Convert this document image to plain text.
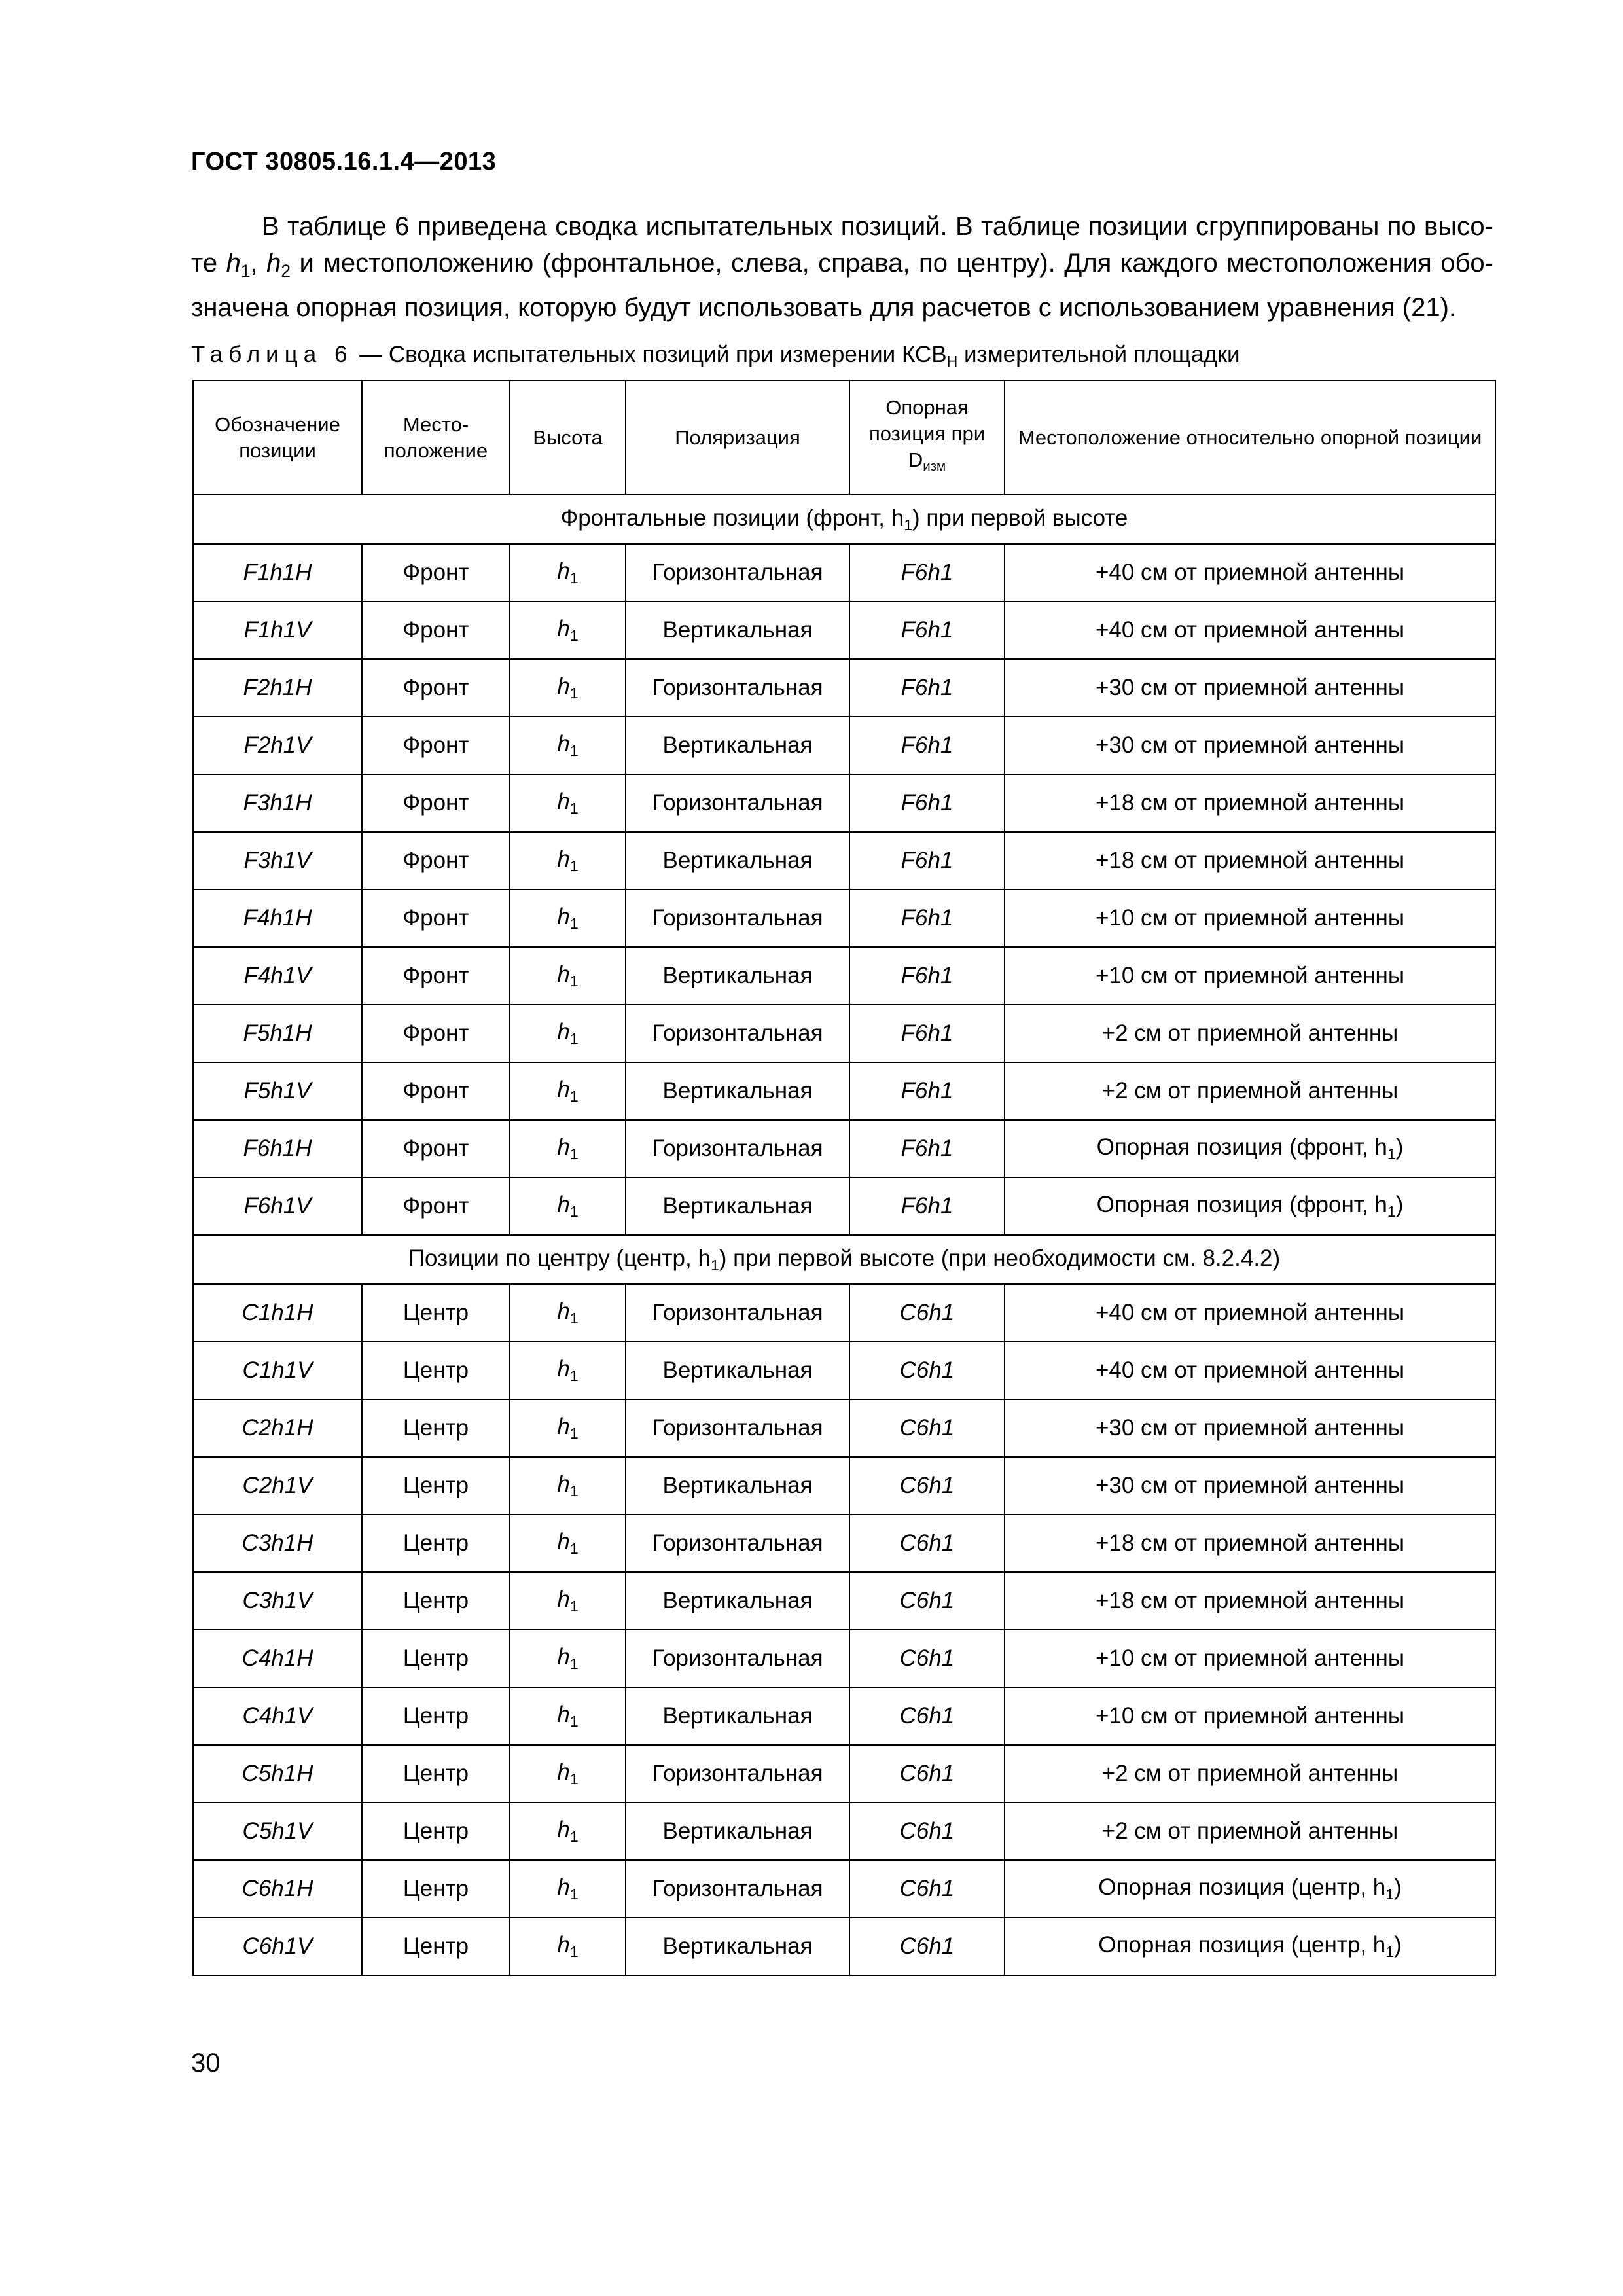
ГОСТ 30805.16.1.4—2013

В таблице 6 приведена сводка испытательных позиций. В таблице позиции сгруппированы по высо-те $h_1$, $h_2$ и местоположению (фронтальное, слева, справа, по центру). Для каждого местоположения обо-значена опорная позиция, которую будут использовать для расчетов с использованием уравнения (21).

Таблица 6 — Сводка испытательных позиций при измерении $КСВ_Н$ измерительной площадки
Обозначение позиции	Место-положение	Высота	Поляризация	Опорная позиция при $D_{изм}$	Местоположение относительно опорной позиции
Фронтальные позиции (фронт, $h_1$) при первой высоте					
F1h1H	Фронт	$h_1$	Горизонтальная	F6h1	+40 см от приемной антенны
F1h1V	Фронт	$h_1$	Вертикальная	F6h1	+40 см от приемной антенны
F2h1H	Фронт	$h_1$	Горизонтальная	F6h1	+30 см от приемной антенны
F2h1V	Фронт	$h_1$	Вертикальная	F6h1	+30 см от приемной антенны
F3h1H	Фронт	$h_1$	Горизонтальная	F6h1	+18 см от приемной антенны
F3h1V	Фронт	$h_1$	Вертикальная	F6h1	+18 см от приемной антенны
F4h1H	Фронт	$h_1$	Горизонтальная	F6h1	+10 см от приемной антенны
F4h1V	Фронт	$h_1$	Вертикальная	F6h1	+10 см от приемной антенны
F5h1H	Фронт	$h_1$	Горизонтальная	F6h1	+2 см от приемной антенны
F5h1V	Фронт	$h_1$	Вертикальная	F6h1	+2 см от приемной антенны
F6h1H	Фронт	$h_1$	Горизонтальная	F6h1	Опорная позиция (фронт, $h_1$)
F6h1V	Фронт	$h_1$	Вертикальная	F6h1	Опорная позиция (фронт, $h_1$)
Позиции по центру (центр, $h_1$) при первой высоте (при необходимости см. 8.2.4.2)					
C1h1H	Центр	$h_1$	Горизонтальная	C6h1	+40 см от приемной антенны
C1h1V	Центр	$h_1$	Вертикальная	C6h1	+40 см от приемной антенны
C2h1H	Центр	$h_1$	Горизонтальная	C6h1	+30 см от приемной антенны
C2h1V	Центр	$h_1$	Вертикальная	C6h1	+30 см от приемной антенны
C3h1H	Центр	$h_1$	Горизонтальная	C6h1	+18 см от приемной антенны
C3h1V	Центр	$h_1$	Вертикальная	C6h1	+18 см от приемной антенны
C4h1H	Центр	$h_1$	Горизонтальная	C6h1	+10 см от приемной антенны
C4h1V	Центр	$h_1$	Вертикальная	C6h1	+10 см от приемной антенны
C5h1H	Центр	$h_1$	Горизонтальная	C6h1	+2 см от приемной антенны
C5h1V	Центр	$h_1$	Вертикальная	C6h1	+2 см от приемной антенны
C6h1H	Центр	$h_1$	Горизонтальная	C6h1	Опорная позиция (центр, $h_1$)
C6h1V	Центр	$h_1$	Вертикальная	C6h1	Опорная позиция (центр, $h_1$)
30
